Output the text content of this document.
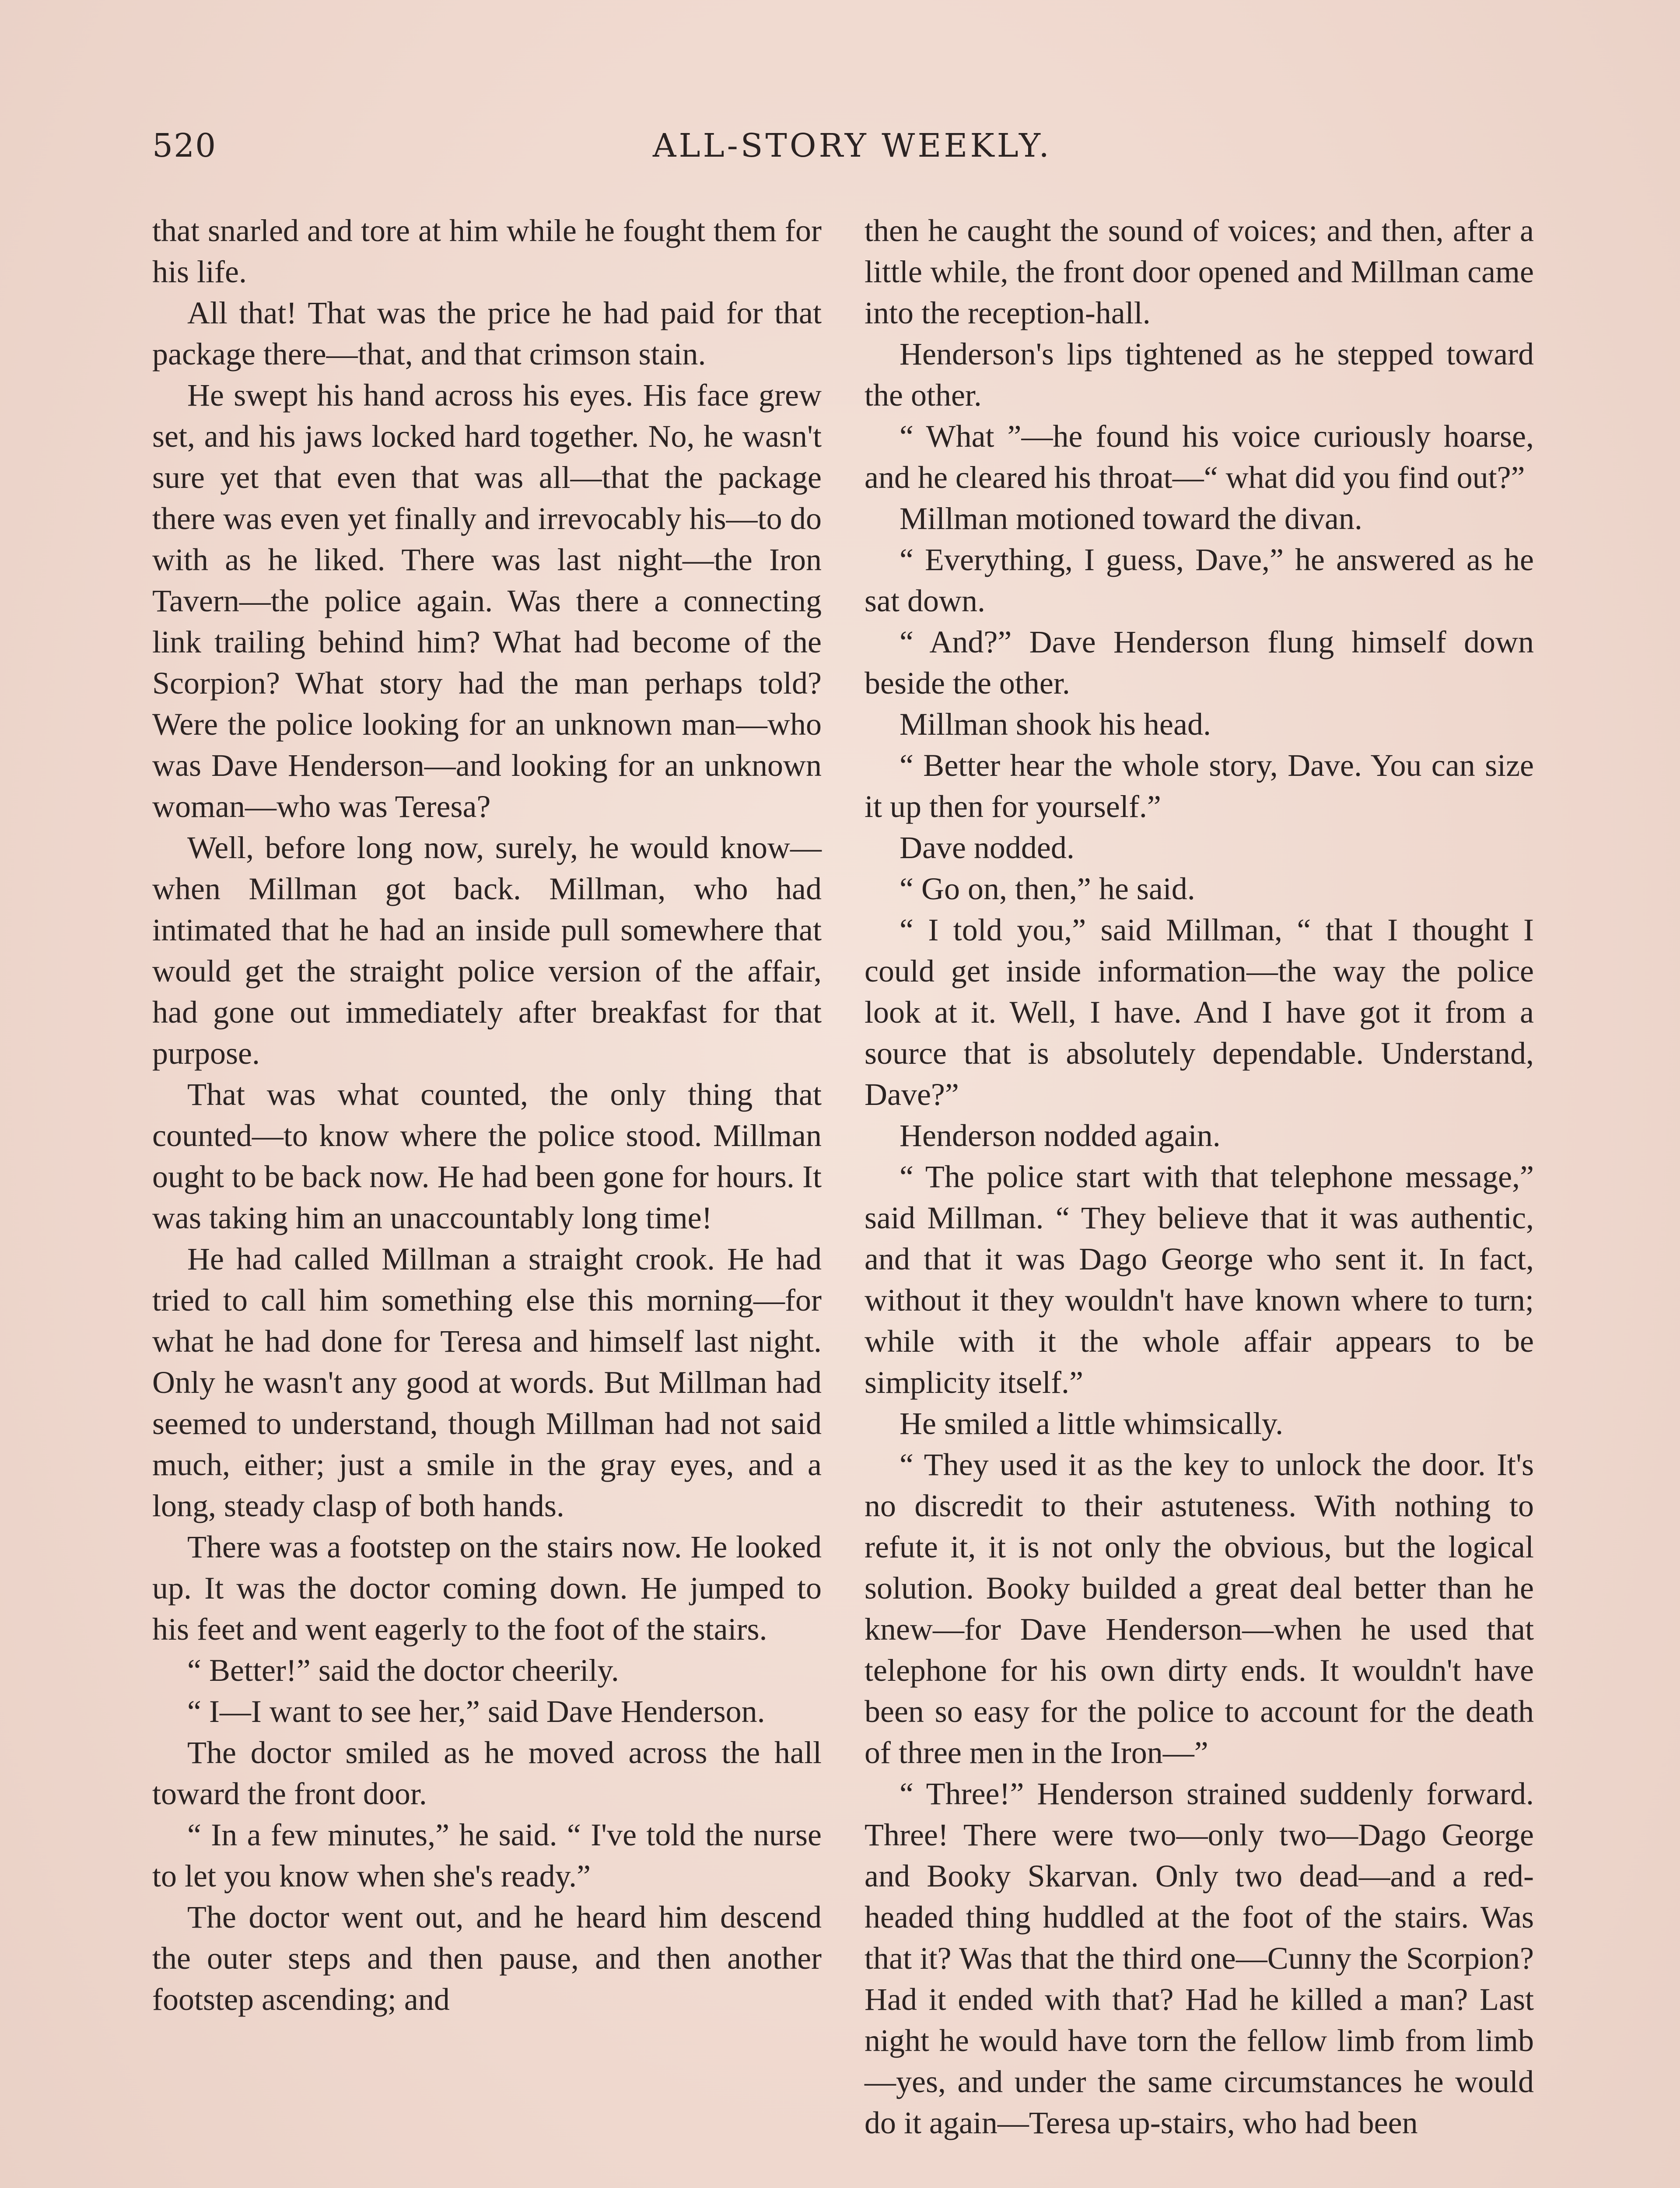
520	ALL-STORY WEEKLY.

that snarled and tore at him while he fought them for his life.

All that! That was the price he had paid for that package there—that, and that crimson stain.

He swept his hand across his eyes. His face grew set, and his jaws locked hard together. No, he wasn't sure yet that even that was all—that the package there was even yet finally and irrevocably his—to do with as he liked. There was last night—the Iron Tavern—the police again. Was there a connecting link trailing behind him? What had become of the Scorpion? What story had the man perhaps told? Were the police looking for an unknown man—who was Dave Henderson—and looking for an unknown woman—who was Teresa?

Well, before long now, surely, he would know—when Millman got back. Millman, who had intimated that he had an inside pull somewhere that would get the straight police version of the affair, had gone out immediately after breakfast for that purpose.

That was what counted, the only thing that counted—to know where the police stood. Millman ought to be back now. He had been gone for hours. It was taking him an unaccountably long time!

He had called Millman a straight crook. He had tried to call him something else this morning—for what he had done for Teresa and himself last night. Only he wasn't any good at words. But Millman had seemed to understand, though Millman had not said much, either; just a smile in the gray eyes, and a long, steady clasp of both hands.

There was a footstep on the stairs now. He looked up. It was the doctor coming down. He jumped to his feet and went eagerly to the foot of the stairs.

“ Better!” said the doctor cheerily.

“ I—I want to see her,” said Dave Henderson.

The doctor smiled as he moved across the hall toward the front door.

“ In a few minutes,” he said. “ I've told the nurse to let you know when she's ready.”

The doctor went out, and he heard him descend the outer steps and then pause, and then another footstep ascending; and

then he caught the sound of voices; and then, after a little while, the front door opened and Millman came into the reception-hall.

Henderson's lips tightened as he stepped toward the other.

“ What ”—he found his voice curiously hoarse, and he cleared his throat—“ what did you find out?”

Millman motioned toward the divan.

“ Everything, I guess, Dave,” he answered as he sat down.

“ And?” Dave Henderson flung himself down beside the other.

Millman shook his head.

“ Better hear the whole story, Dave. You can size it up then for yourself.”

Dave nodded.

“ Go on, then,” he said.

“ I told you,” said Millman, “ that I thought I could get inside information—the way the police look at it. Well, I have. And I have got it from a source that is absolutely dependable. Understand, Dave?”

Henderson nodded again.

“ The police start with that telephone message,” said Millman. “ They believe that it was authentic, and that it was Dago George who sent it. In fact, without it they wouldn't have known where to turn; while with it the whole affair appears to be simplicity itself.”

He smiled a little whimsically.

“ They used it as the key to unlock the door. It's no discredit to their astuteness. With nothing to refute it, it is not only the obvious, but the logical solution. Booky builded a great deal better than he knew—for Dave Henderson—when he used that telephone for his own dirty ends. It wouldn't have been so easy for the police to account for the death of three men in the Iron—”

“ Three!” Henderson strained suddenly forward. Three! There were two—only two—Dago George and Booky Skarvan. Only two dead—and a red-headed thing huddled at the foot of the stairs. Was that it? Was that the third one—Cunny the Scorpion? Had it ended with that? Had he killed a man? Last night he would have torn the fellow limb from limb—yes, and under the same circumstances he would do it again—Teresa up-stairs, who had been
